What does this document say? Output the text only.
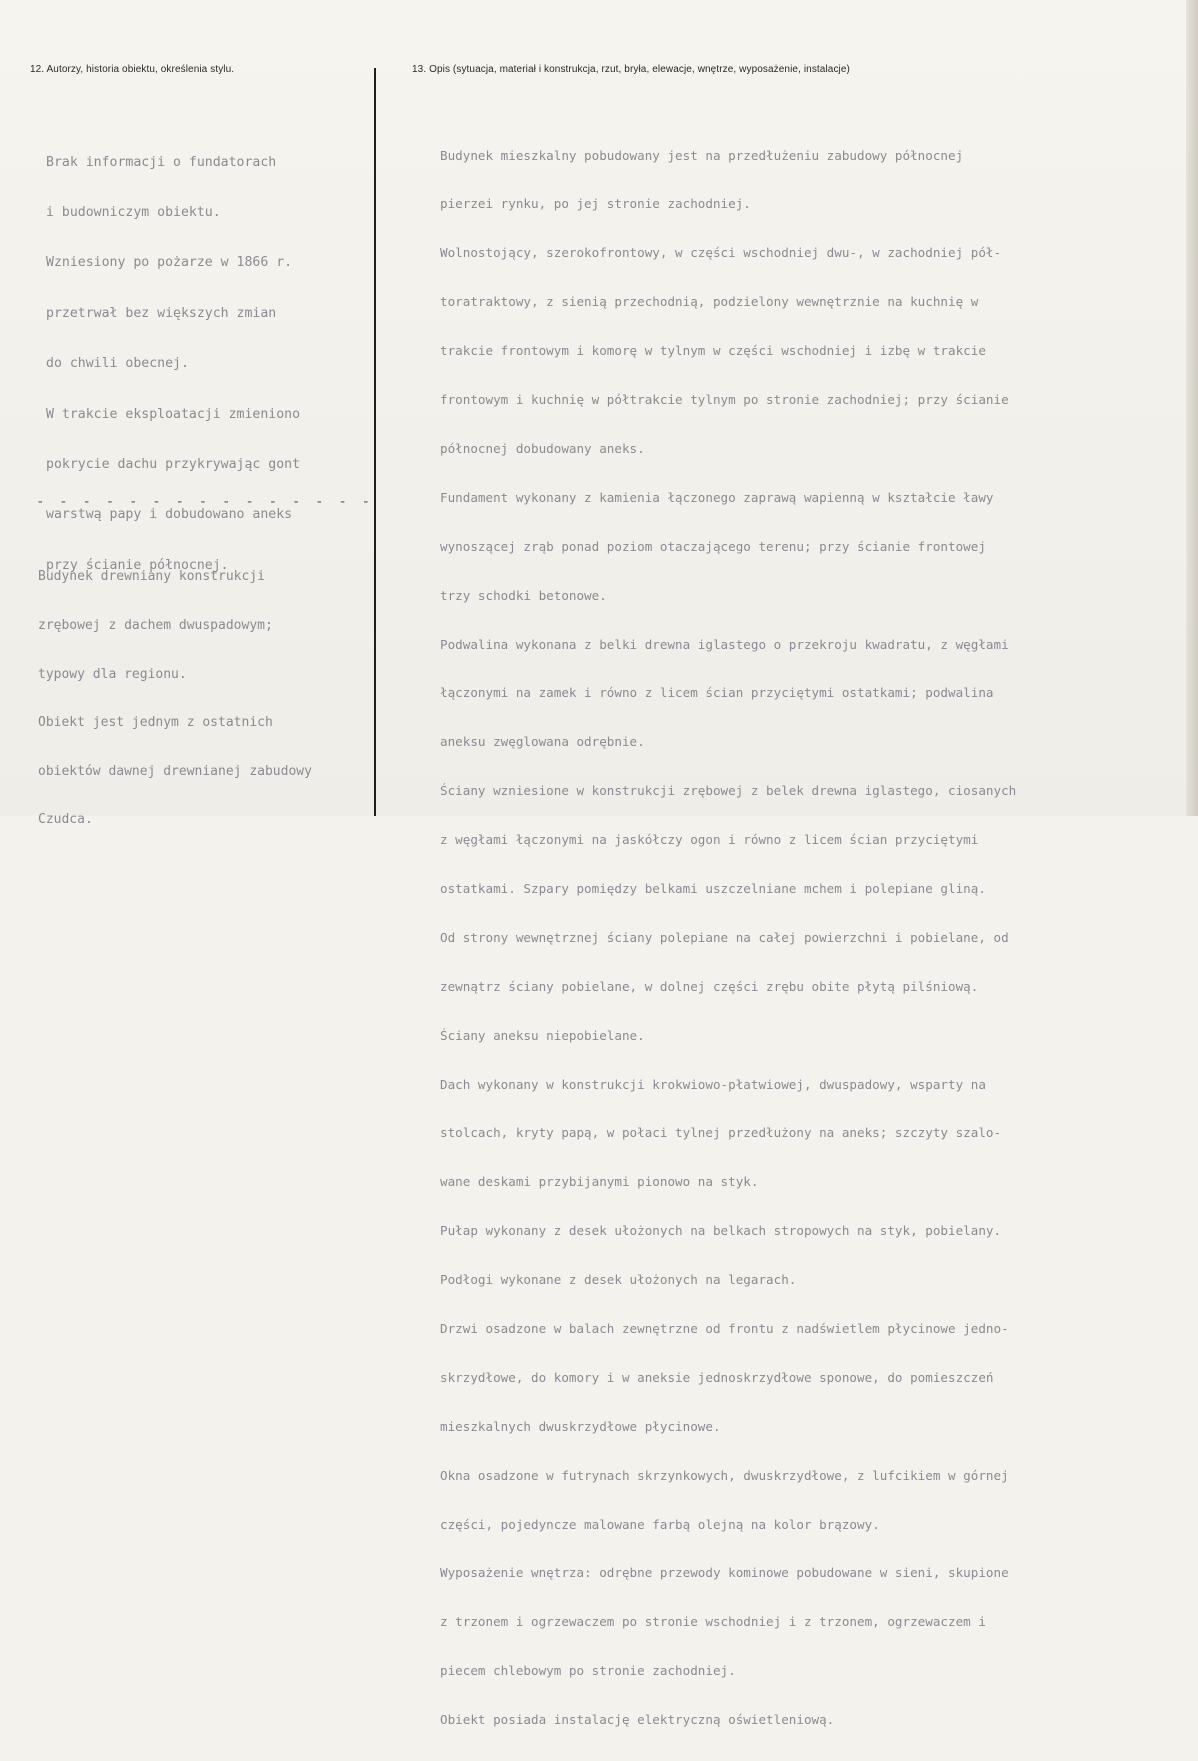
12. Autorzy, historia obiektu, określenia stylu.	13. Opis (sytuacja, materiał i konstrukcja, rzut, bryła, elewacje, wnętrze, wyposażenie, instalacje)

Brak informacji o fundatorach

i budowniczym obiektu.

Wzniesiony po pożarze w 1866 r.

przetrwał bez większych zmian

do chwili obecnej.

W trakcie eksploatacji zmieniono

pokrycie dachu przykrywając gont

warstwą papy i dobudowano aneks

przy ścianie północnej.

- - - - - - - - - - - - - - -

Budynek drewniany konstrukcji

zrębowej z dachem dwuspadowym;

typowy dla regionu.

Obiekt jest jednym z ostatnich

obiektów dawnej drewnianej zabudowy

Czudca.

Budynek mieszkalny pobudowany jest na przedłużeniu zabudowy północnej

pierzei rynku, po jej stronie zachodniej.

Wolnostojący, szerokofrontowy, w części wschodniej dwu-, w zachodniej pół-

toratraktowy, z sienią przechodnią, podzielony wewnętrznie na kuchnię w

trakcie frontowym i komorę w tylnym w części wschodniej i izbę w trakcie

frontowym i kuchnię w półtrakcie tylnym po stronie zachodniej; przy ścianie

północnej dobudowany aneks.

Fundament wykonany z kamienia łączonego zaprawą wapienną w kształcie ławy

wynoszącej zrąb ponad poziom otaczającego terenu; przy ścianie frontowej

trzy schodki betonowe.

Podwalina wykonana z belki drewna iglastego o przekroju kwadratu, z węgłami

łączonymi na zamek i równo z licem ścian przyciętymi ostatkami; podwalina

aneksu zwęglowana odrębnie.

Ściany wzniesione w konstrukcji zrębowej z belek drewna iglastego, ciosanych

z węgłami łączonymi na jaskółczy ogon i równo z licem ścian przyciętymi

ostatkami. Szpary pomiędzy belkami uszczelniane mchem i polepiane gliną.

Od strony wewnętrznej ściany polepiane na całej powierzchni i pobielane, od

zewnątrz ściany pobielane, w dolnej części zrębu obite płytą pilśniową.

Ściany aneksu niepobielane.

Dach wykonany w konstrukcji krokwiowo-płatwiowej, dwuspadowy, wsparty na

stolcach, kryty papą, w połaci tylnej przedłużony na aneks; szczyty szalo-

wane deskami przybijanymi pionowo na styk.

Pułap wykonany z desek ułożonych na belkach stropowych na styk, pobielany.

Podłogi wykonane z desek ułożonych na legarach.

Drzwi osadzone w balach zewnętrzne od frontu z nadświetlem płycinowe jedno-

skrzydłowe, do komory i w aneksie jednoskrzydłowe sponowe, do pomieszczeń

mieszkalnych dwuskrzydłowe płycinowe.

Okna osadzone w futrynach skrzynkowych, dwuskrzydłowe, z lufcikiem w górnej

części, pojedyncze malowane farbą olejną na kolor brązowy.

Wyposażenie wnętrza: odrębne przewody kominowe pobudowane w sieni, skupione

z trzonem i ogrzewaczem po stronie wschodniej i z trzonem, ogrzewaczem i

piecem chlebowym po stronie zachodniej.

Obiekt posiada instalację elektryczną oświetleniową.
